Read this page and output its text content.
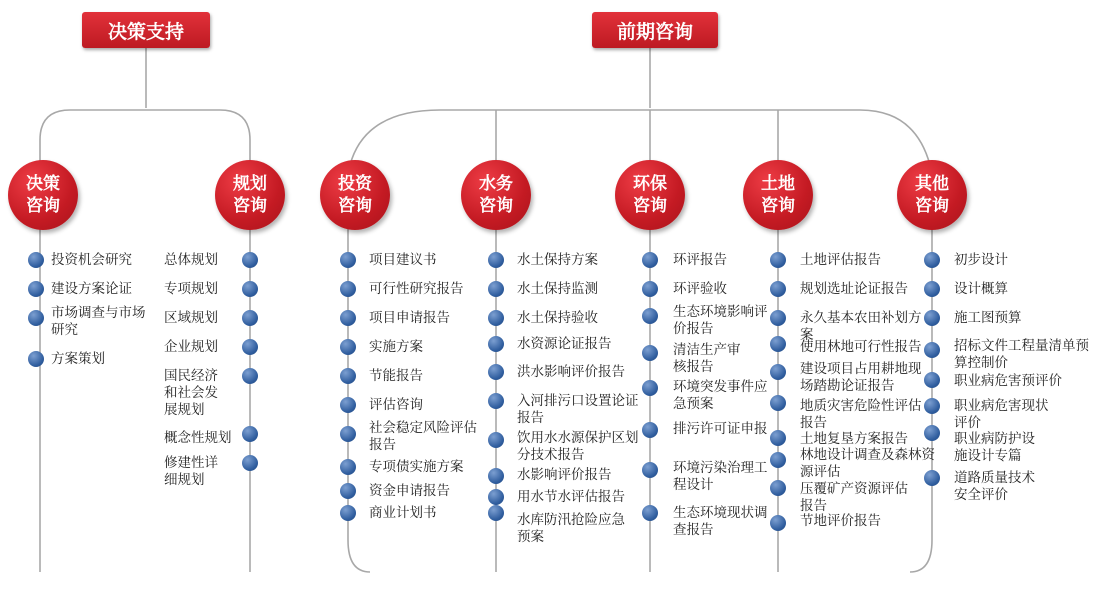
决策支持	前期咨询
决策咨询
规划咨询
投资咨询
水务咨询
环保咨询
土地咨询
其他咨询
投资机会研究
建设方案论证
市场调查与市场研究
方案策划
总体规划
专项规划
区域规划
企业规划
国民经济和社会发展规划
概念性规划
修建性详细规划
项目建议书
可行性研究报告
项目申请报告
实施方案
节能报告
评估咨询
社会稳定风险评估报告
专项债实施方案
资金申请报告
商业计划书
水土保持方案
水土保持监测
水土保持验收
水资源论证报告
洪水影响评价报告
入河排污口设置论证报告
饮用水水源保护区划分技术报告
水影响评价报告
用水节水评估报告
水库防汛抢险应急预案
环评报告
环评验收
生态环境影响评价报告
清洁生产审核报告
环境突发事件应急预案
排污许可证申报
环境污染治理工程设计
生态环境现状调查报告
土地评估报告
规划选址论证报告
永久基本农田补划方案
使用林地可行性报告
建设项目占用耕地现场踏勘论证报告
地质灾害危险性评估报告
土地复垦方案报告
林地设计调查及森林资源评估
压覆矿产资源评估报告
节地评价报告
初步设计
设计概算
施工图预算
招标文件工程量清单预算控制价
职业病危害预评价
职业病危害现状评价
职业病防护设施设计专篇
道路质量技术安全评价
